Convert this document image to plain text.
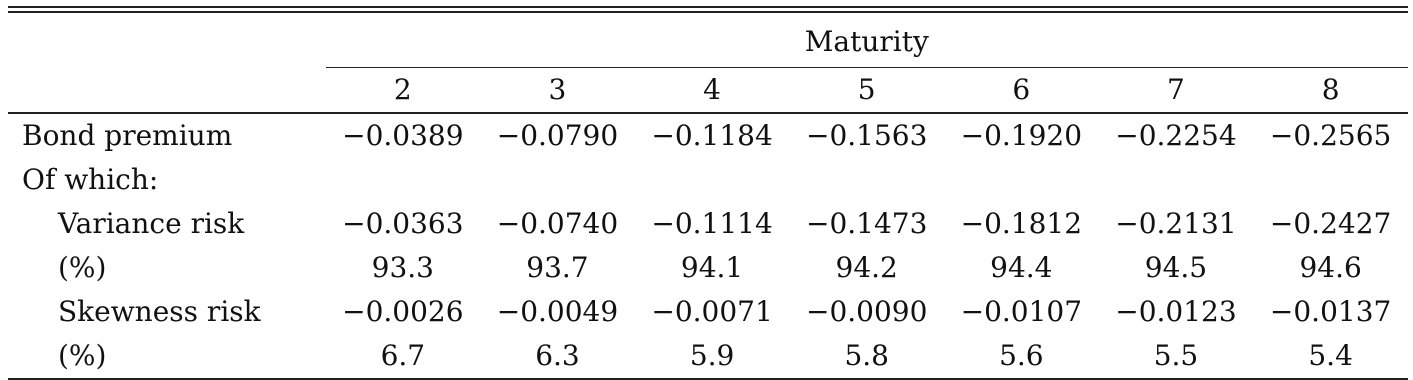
	Maturity						
	2	3	4	5	6	7	8
Bond premium	−0.0389	−0.0790	−0.1184	−0.1563	−0.1920	−0.2254	−0.2565
Of which:							
Variance risk	−0.0363	−0.0740	−0.1114	−0.1473	−0.1812	−0.2131	−0.2427
(%)	93.3	93.7	94.1	94.2	94.4	94.5	94.6
Skewness risk	−0.0026	−0.0049	−0.0071	−0.0090	−0.0107	−0.0123	−0.0137
(%)	6.7	6.3	5.9	5.8	5.6	5.5	5.4
